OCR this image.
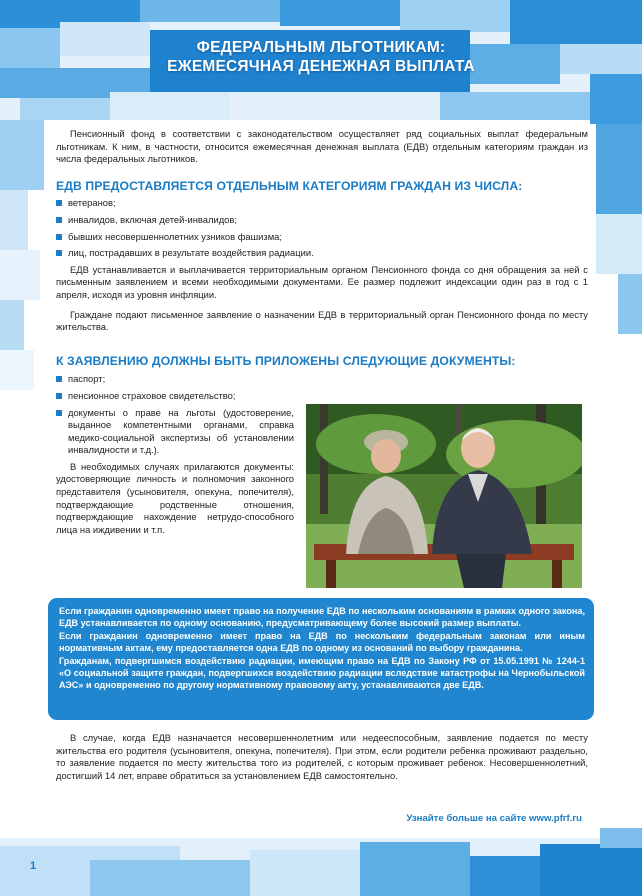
ФЕДЕРАЛЬНЫМ ЛЬГОТНИКАМ:
ЕЖЕМЕСЯЧНАЯ ДЕНЕЖНАЯ ВЫПЛАТА

Пенсионный фонд в соответствии с законодательством осуществляет ряд социальных выплат федеральным льготникам. К ним, в частности, относится ежемесячная денежная выплата (ЕДВ) отдельным категориям граждан из числа федеральных льготников.

ЕДВ ПРЕДОСТАВЛЯЕТСЯ ОТДЕЛЬНЫМ КАТЕГОРИЯМ ГРАЖДАН ИЗ ЧИСЛА:
ветеранов;
инвалидов, включая детей-инвалидов;
бывших несовершеннолетних узников фашизма;
лиц, пострадавших в результате воздействия радиации.

ЕДВ устанавливается и выплачивается территориальным органом Пенсионного фонда со дня обращения за ней с письменным заявлением и всеми необходимыми документами. Ее размер подлежит индексации один раз в год с 1 апреля, исходя из уровня инфляции.

Граждане подают письменное заявление о назначении ЕДВ в территориальный орган Пенсионного фонда по месту жительства.

К ЗАЯВЛЕНИЮ ДОЛЖНЫ БЫТЬ ПРИЛОЖЕНЫ СЛЕДУЮЩИЕ ДОКУМЕНТЫ:
паспорт;
пенсионное страховое свидетельство;
документы о праве на льготы (удостоверение, выданное компетентными органами, справка медико-социальной экспертизы об установлении инвалидности и т.д.).

В необходимых случаях прилагаются документы: удостоверяющие личность и полномочия законного представителя (усыновителя, опекуна, попечителя), подтверждающие родственные отношения, подтверждающие нахождение нетрудо-способного лица на иждивении и т.п.

Если гражданин одновременно имеет право на получение ЕДВ по нескольким основаниям в рамках одного закона, ЕДВ устанавливается по одному основанию, предусматривающему более высокий размер выплаты.

Если гражданин одновременно имеет право на ЕДВ по нескольким федеральным законам или иным нормативным актам, ему предоставляется одна ЕДВ по одному из оснований по выбору гражданина.

Гражданам, подвергшимся воздействию радиации, имеющим право на ЕДВ по Закону РФ от 15.05.1991 № 1244-1 «О социальной защите граждан, подвергшихся воздействию радиации вследствие катастрофы на Чернобыльской АЭС» и одновременно по другому нормативному правовому акту, устанавливаются две ЕДВ.

В случае, когда ЕДВ назначается несовершеннолетним или недееспособным, заявление подается по месту жительства его родителя (усыновителя, опекуна, попечителя). При этом, если родители ребенка проживают раздельно, то заявление подается по месту жительства того из родителей, с которым проживает ребенок. Несовершеннолетний, достигший 14 лет, вправе обратиться за установлением ЕДВ самостоятельно.

Узнайте больше на сайте www.pfrf.ru
1
